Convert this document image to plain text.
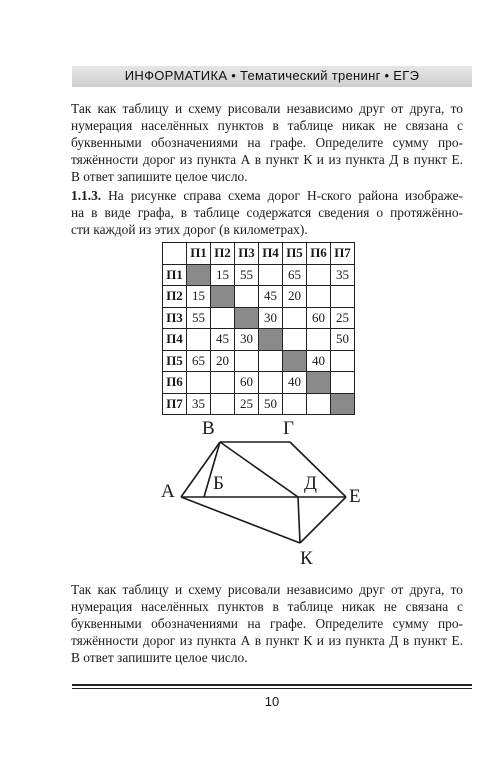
ИНФОРМАТИКА • Тематический тренинг • ЕГЭ
Так как таблицу и схему рисовали независимо друг от друга, то
нумерация населённых пунктов в таблице никак не связана с
буквенными обозначениями на графе. Определите сумму про-
тяжённости дорог из пункта А в пункт К и из пункта Д в пункт Е.
В ответ запишите целое число.
1.1.3. На рисунке справа схема дорог Н-ского района изображе-
на в виде графа, в таблице содержатся сведения о протяжённо-
сти каждой из этих дорог (в километрах).
	П1	П2	П3	П4	П5	П6	П7
П1		15	55		65		35
П2	15			45	20		
П3	55			30		60	25
П4		45	30				50
П5	65	20				40	
П6			60		40		
П7	35		25	50			
А Б
В	Г
Д
Е
К
Так как таблицу и схему рисовали независимо друг от друга, то
нумерация населённых пунктов в таблице никак не связана с
буквенными обозначениями на графе. Определите сумму про-
тяжённости дорог из пункта А в пункт К и из пункта Д в пункт Е.
В ответ запишите целое число.
10
